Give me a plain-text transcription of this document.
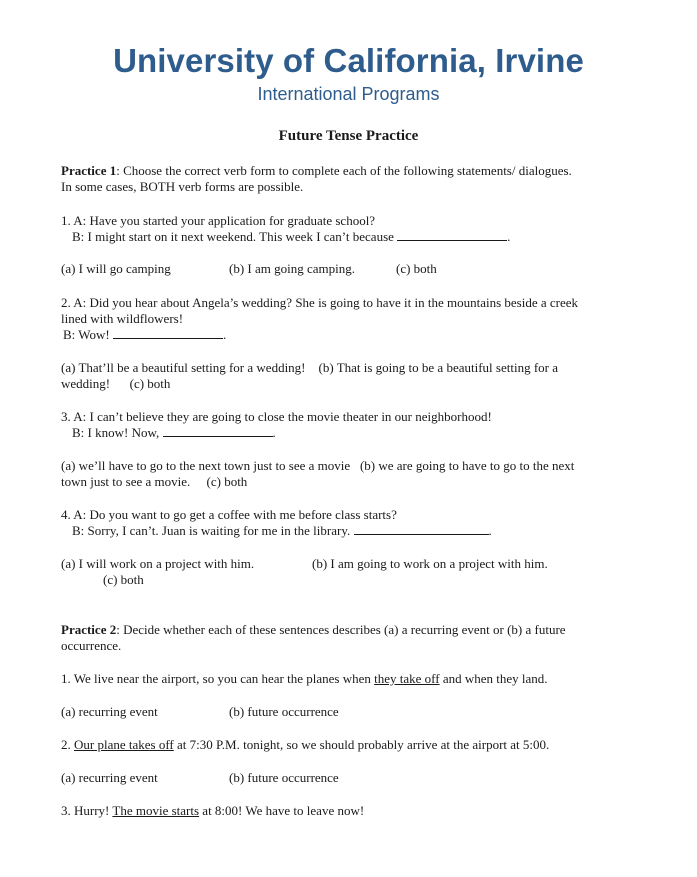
University of California, Irvine
International Programs
Future Tense Practice
Practice 1: Choose the correct verb form to complete each of the following statements/ dialogues.
In some cases, BOTH verb forms are possible.
1. A: Have you started your application for graduate school?
B: I might start on it next weekend. This week I can’t because	.
(a) I will go camping	(b) I am going camping.	(c) both
2. A: Did you hear about Angela’s wedding? She is going to have it in the mountains beside a creek
lined with wildflowers!
B: Wow!	.
(a) That’ll be a beautiful setting for a wedding! (b) That is going to be a beautiful setting for a
wedding! (c) both
3. A: I can’t believe they are going to close the movie theater in our neighborhood!
B: I know! Now,	.
(a) we’ll have to go to the next town just to see a movie (b) we are going to have to go to the next
town just to see a movie. (c) both
4. A: Do you want to go get a coffee with me before class starts?
B: Sorry, I can’t. Juan is waiting for me in the library.	.
(a) I will work on a project with him.	(b) I am going to work on a project with him.
(c) both
Practice 2: Decide whether each of these sentences describes (a) a recurring event or (b) a future
occurrence.
1. We live near the airport, so you can hear the planes when they take off and when they land.
(a) recurring event	(b) future occurrence
2. Our plane takes off at 7:30 P.M. tonight, so we should probably arrive at the airport at 5:00.
(a) recurring event	(b) future occurrence
3. Hurry! The movie starts at 8:00! We have to leave now!
